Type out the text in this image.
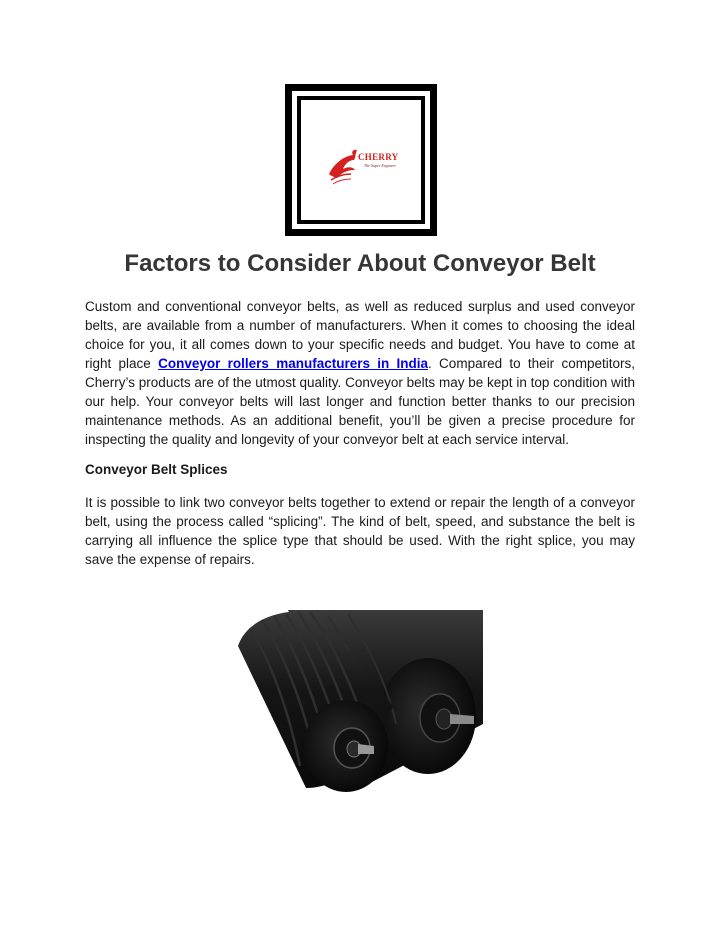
CHERRY
The Super Engineer
Factors to Consider About Conveyor Belt

Custom and conventional conveyor belts, as well as reduced surplus and used conveyor belts, are available from a number of manufacturers. When it comes to choosing the ideal choice for you, it all comes down to your specific needs and budget. You have to come at right place Conveyor rollers manufacturers in India. Compared to their competitors, Cherry’s products are of the utmost quality. Conveyor belts may be kept in top condition with our help. Your conveyor belts will last longer and function better thanks to our precision maintenance methods. As an additional benefit, you’ll be given a precise procedure for inspecting the quality and longevity of your conveyor belt at each service interval.

Conveyor Belt Splices

It is possible to link two conveyor belts together to extend or repair the length of a conveyor belt, using the process called “splicing”. The kind of belt, speed, and substance the belt is carrying all influence the splice type that should be used. With the right splice, you may save the expense of repairs.
